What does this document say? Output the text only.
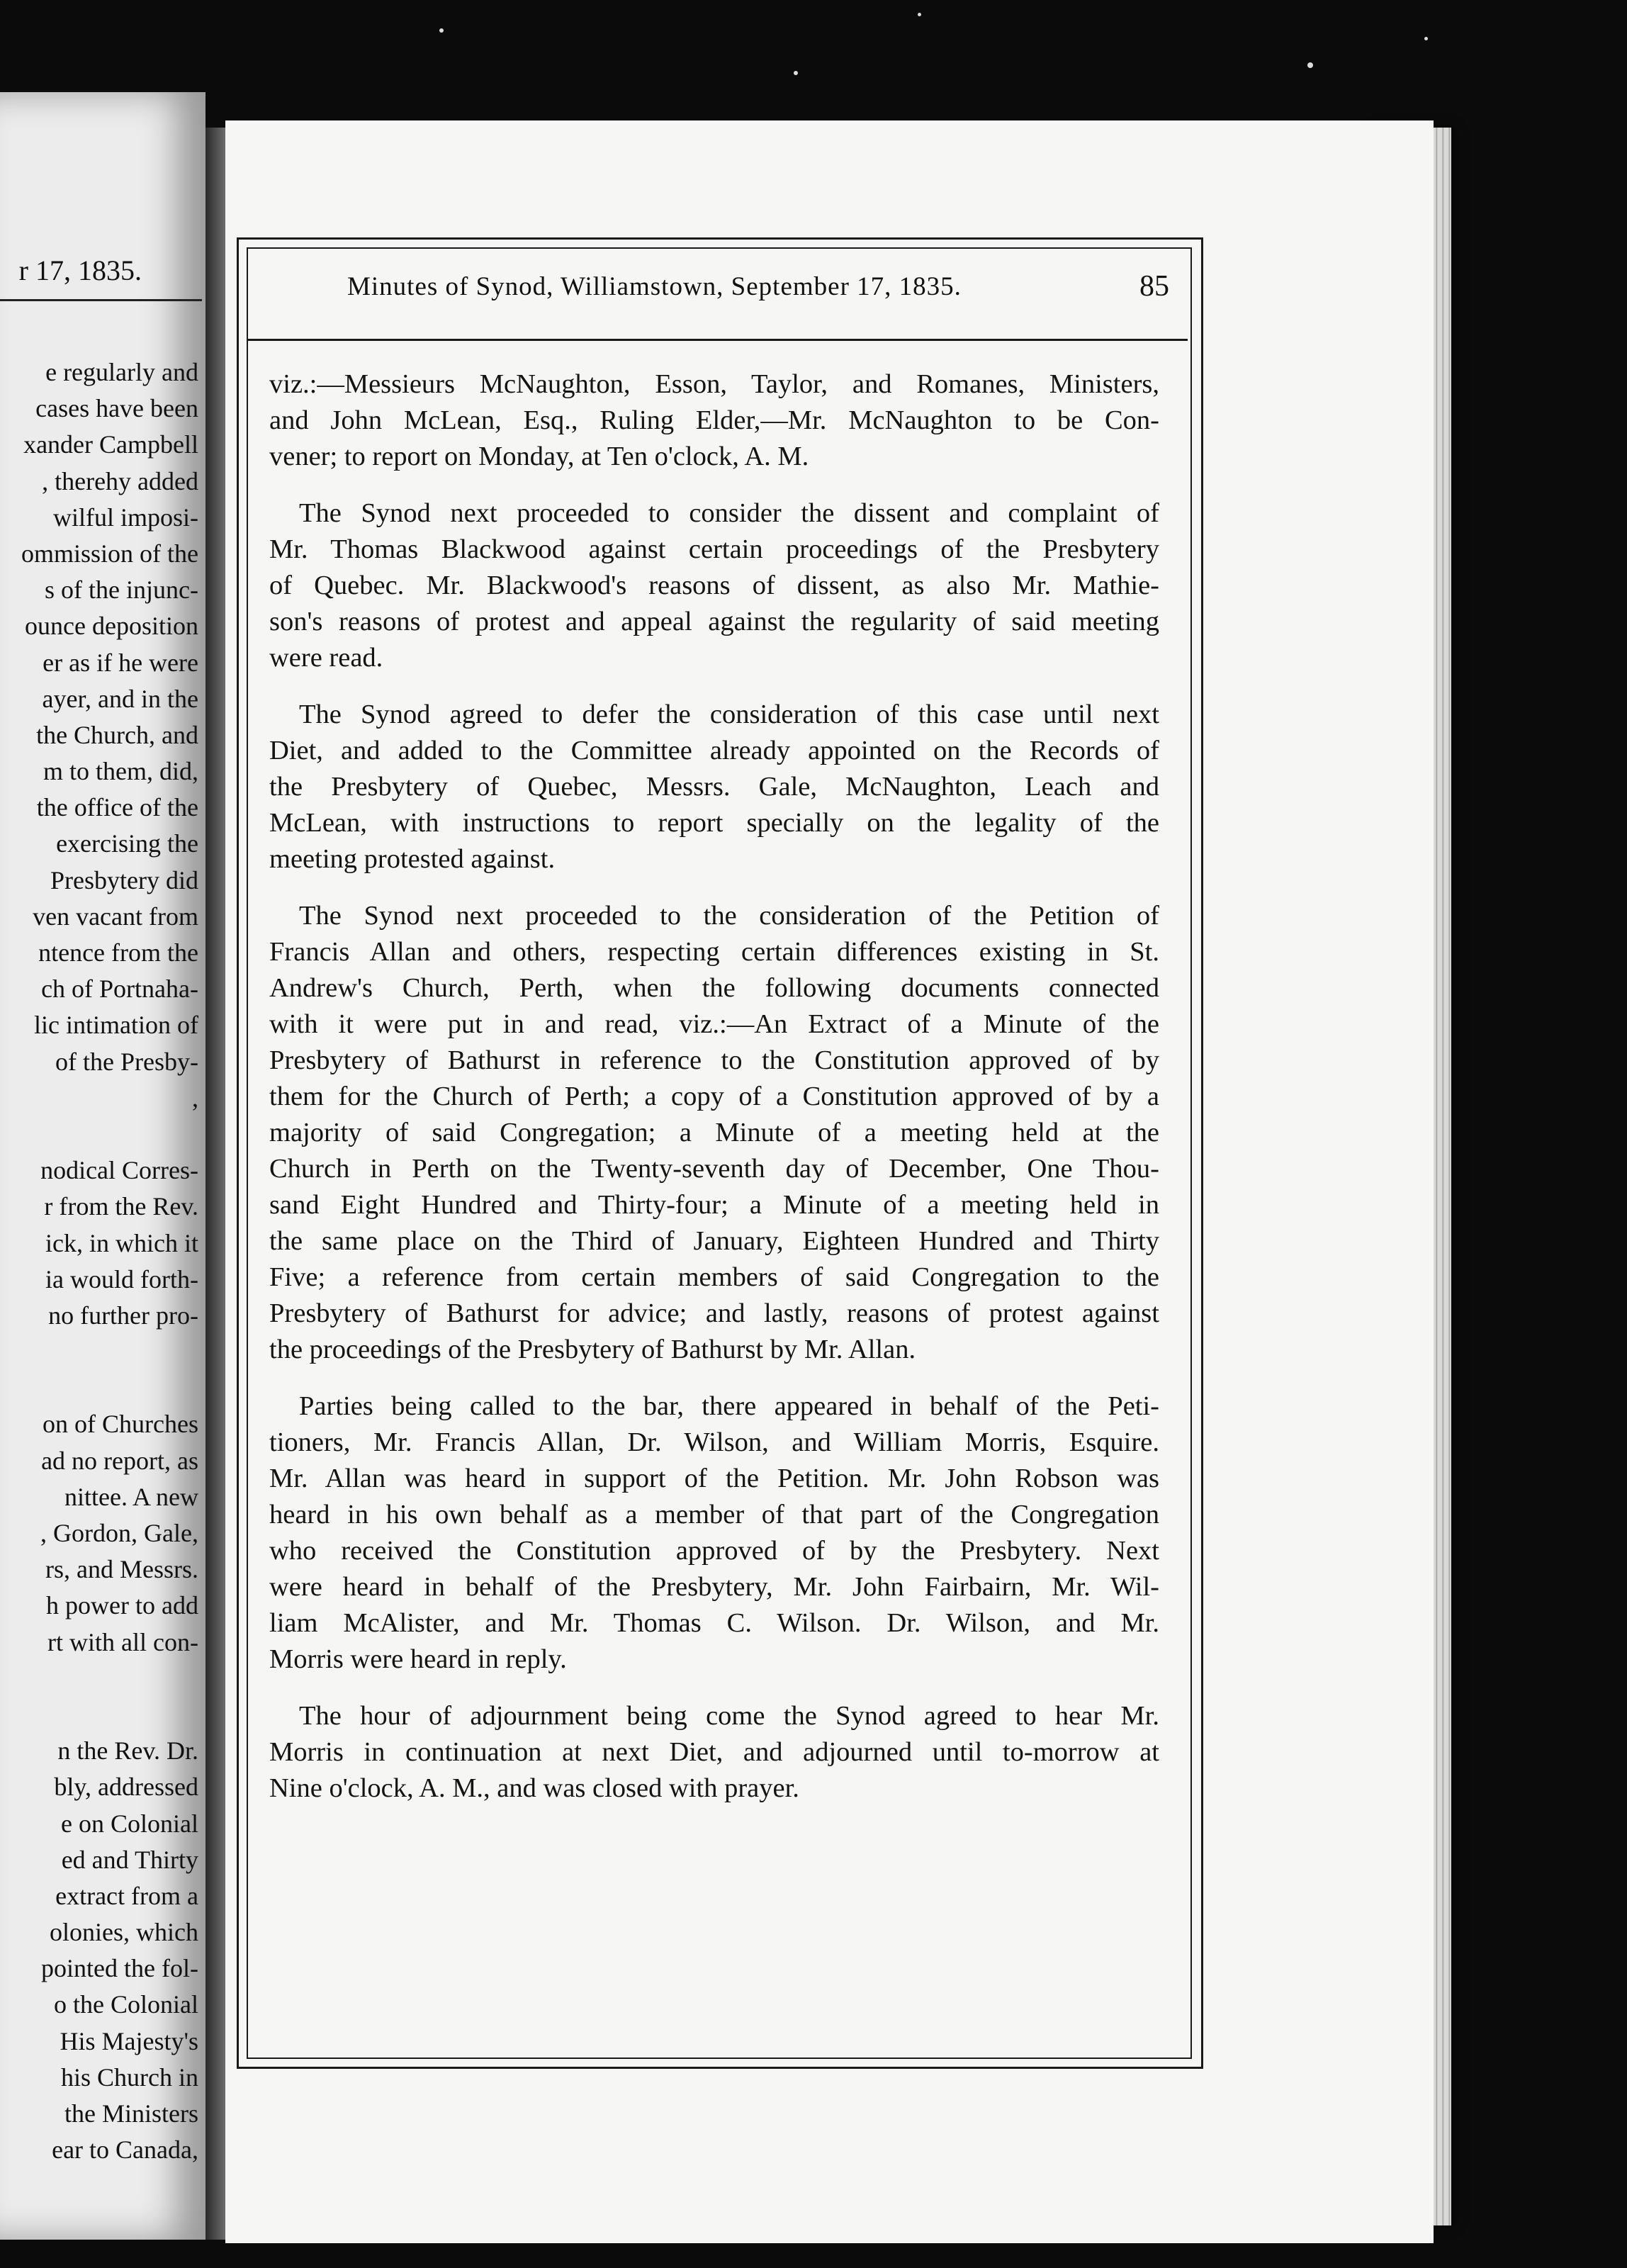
r 17, 1835.
e regularly and
cases have been
xander Campbell
, therehy added
wilful imposi-
ommission of the
s of the injunc-
ounce deposition
er as if he were
ayer, and in the
the Church, and
m to them, did,
the office of the
exercising the
Presbytery did
ven vacant from
ntence from the
ch of Portnaha-
lic intimation of
of the Presby-
,
nodical Corres-
r from the Rev.
ick, in which it
ia would forth-
no further pro-
on of Churches
ad no report, as
nittee. A new
, Gordon, Gale,
rs, and Messrs.
h power to add
rt with all con-
n the Rev. Dr.
bly, addressed
e on Colonial
ed and Thirty
extract from a
olonies, which
pointed the fol-
o the Colonial
His Majesty's
his Church in
the Ministers
ear to Canada,
Minutes of Synod, Williamstown, September 17, 1835.	85

viz.:—Messieurs McNaughton, Esson, Taylor, and Romanes, Ministers,
and John McLean, Esq., Ruling Elder,—Mr. McNaughton to be Con-
vener; to report on Monday, at Ten o'clock, A. M.

The Synod next proceeded to consider the dissent and complaint of
Mr. Thomas Blackwood against certain proceedings of the Presbytery
of Quebec. Mr. Blackwood's reasons of dissent, as also Mr. Mathie-
son's reasons of protest and appeal against the regularity of said meeting
were read.

The Synod agreed to defer the consideration of this case until next
Diet, and added to the Committee already appointed on the Records of
the Presbytery of Quebec, Messrs. Gale, McNaughton, Leach and
McLean, with instructions to report specially on the legality of the
meeting protested against.

The Synod next proceeded to the consideration of the Petition of
Francis Allan and others, respecting certain differences existing in St.
Andrew's Church, Perth, when the following documents connected
with it were put in and read, viz.:—An Extract of a Minute of the
Presbytery of Bathurst in reference to the Constitution approved of by
them for the Church of Perth; a copy of a Constitution approved of by a
majority of said Congregation; a Minute of a meeting held at the
Church in Perth on the Twenty-seventh day of December, One Thou-
sand Eight Hundred and Thirty-four; a Minute of a meeting held in
the same place on the Third of January, Eighteen Hundred and Thirty
Five; a reference from certain members of said Congregation to the
Presbytery of Bathurst for advice; and lastly, reasons of protest against
the proceedings of the Presbytery of Bathurst by Mr. Allan.

Parties being called to the bar, there appeared in behalf of the Peti-
tioners, Mr. Francis Allan, Dr. Wilson, and William Morris, Esquire.
Mr. Allan was heard in support of the Petition. Mr. John Robson was
heard in his own behalf as a member of that part of the Congregation
who received the Constitution approved of by the Presbytery. Next
were heard in behalf of the Presbytery, Mr. John Fairbairn, Mr. Wil-
liam McAlister, and Mr. Thomas C. Wilson. Dr. Wilson, and Mr.
Morris were heard in reply.

The hour of adjournment being come the Synod agreed to hear Mr.
Morris in continuation at next Diet, and adjourned until to-morrow at
Nine o'clock, A. M., and was closed with prayer.
